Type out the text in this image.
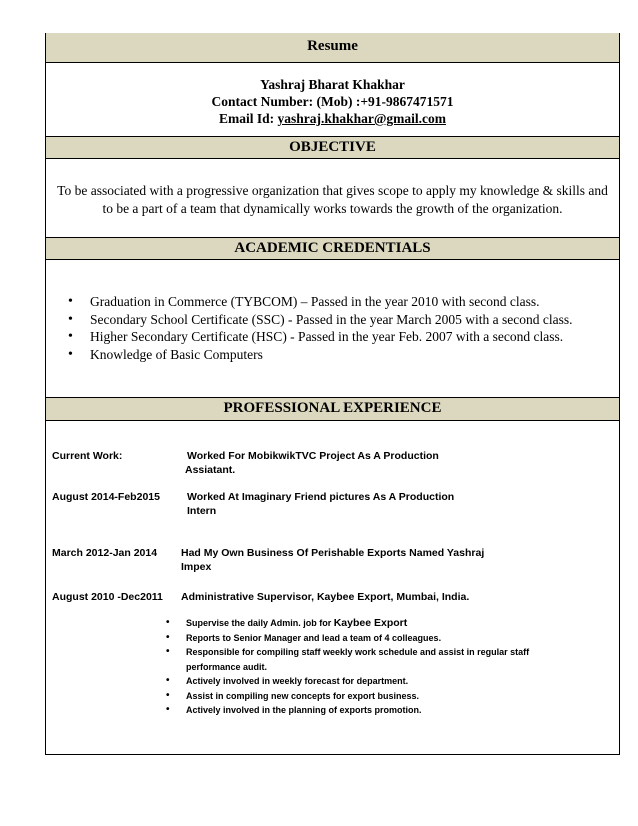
Resume
Yashraj Bharat Khakhar
Contact Number: (Mob) :+91-9867471571
Email Id: yashraj.khakhar@gmail.com
OBJECTIVE
To be associated with a progressive organization that gives scope to apply my knowledge & skills and to be a part of a team that dynamically works towards the growth of the organization.
ACADEMIC CREDENTIALS
• Graduation in Commerce (TYBCOM) – Passed in the year 2010 with second class.
• Secondary School Certificate (SSC) - Passed in the year March 2005 with a second class.
• Higher Secondary Certificate (HSC) - Passed in the year Feb. 2007 with a second class.
• Knowledge of Basic Computers
PROFESSIONAL EXPERIENCE
Current Work:	Worked For MobikwikTVC Project As A Production
Assiatant.
August 2014-Feb2015	Worked At Imaginary Friend pictures As A Production
Intern
March 2012-Jan 2014 Had My Own Business Of Perishable Exports Named Yashraj
Impex
August 2010 -Dec2011 Administrative Supervisor, Kaybee Export, Mumbai, India.
• Supervise the daily Admin. job for Kaybee Export
• Reports to Senior Manager and lead a team of 4 colleagues.
• Responsible for compiling staff weekly work schedule and assist in regular staff performance audit.
• Actively involved in weekly forecast for department.
• Assist in compiling new concepts for export business.
• Actively involved in the planning of exports promotion.
